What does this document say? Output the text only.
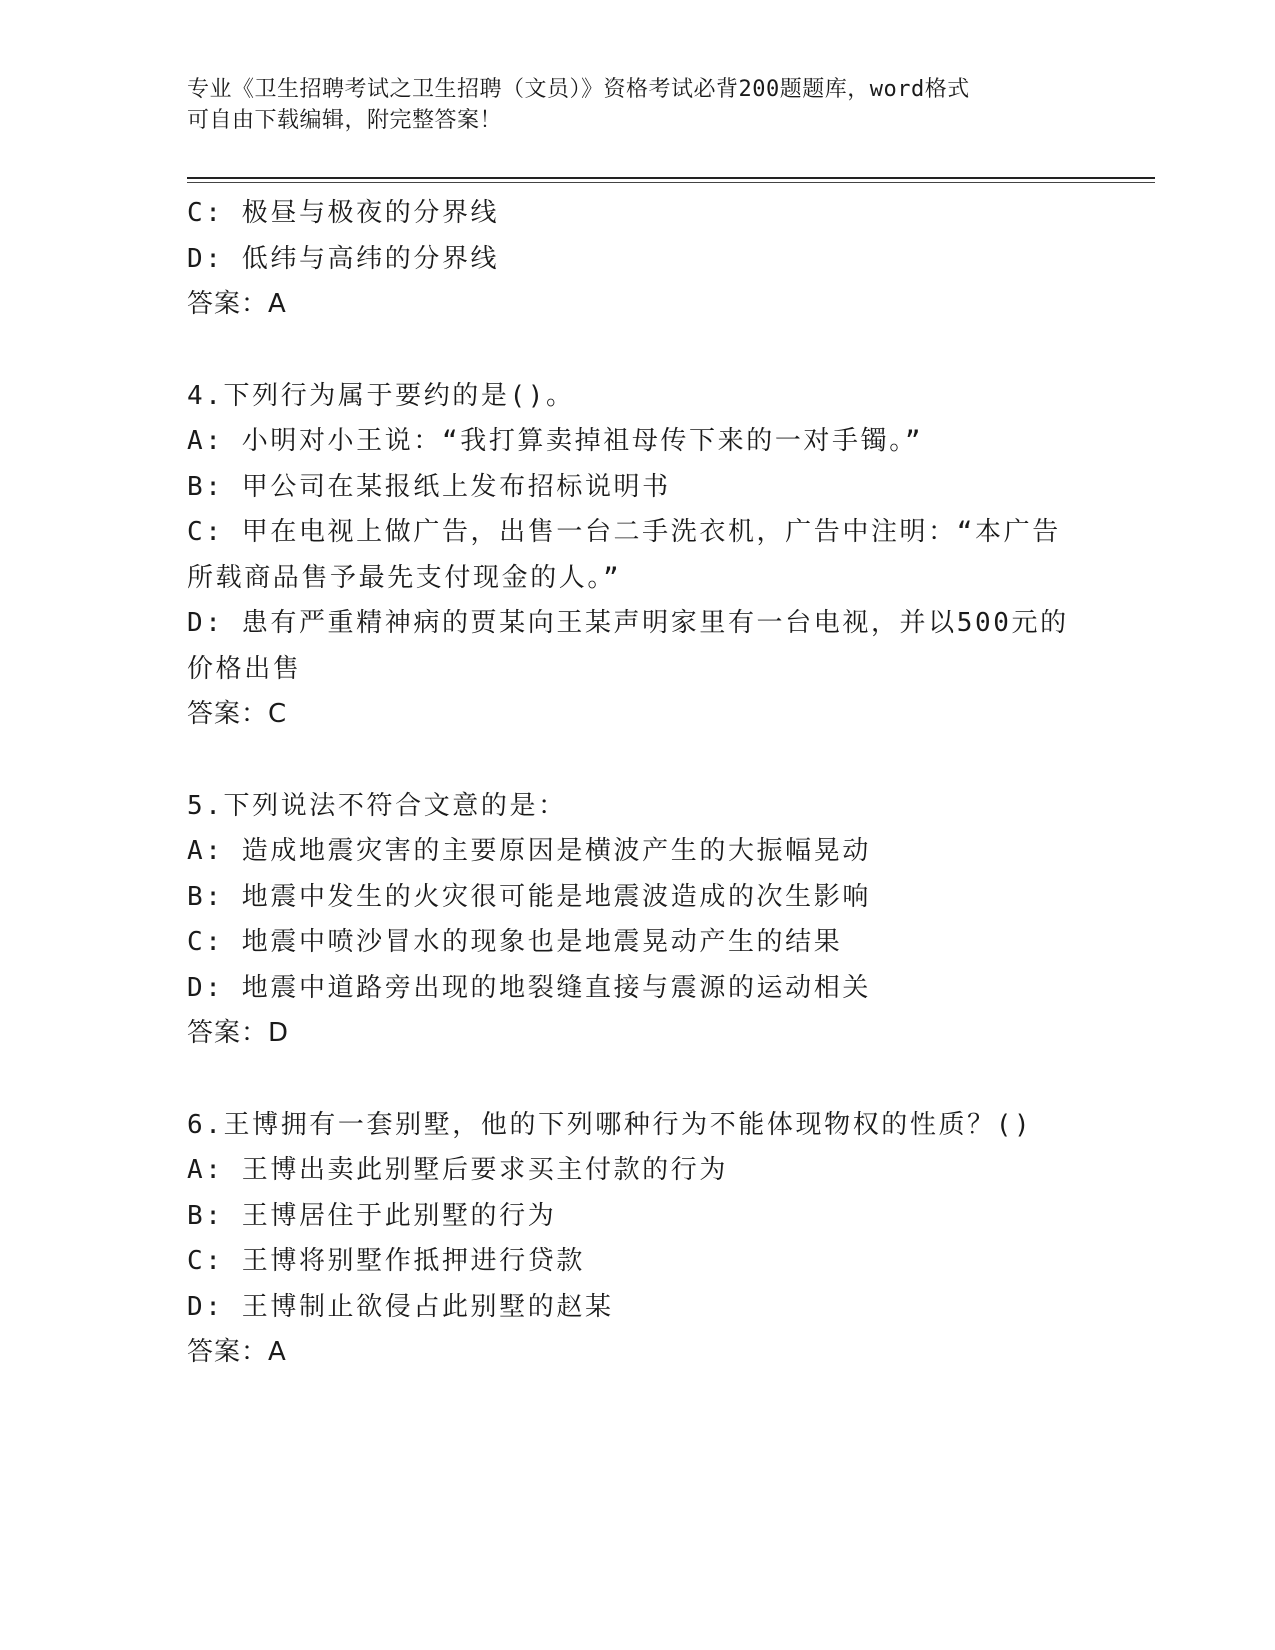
专业《卫生招聘考试之卫生招聘（文员）》资格考试必背200题题库，word格式
可自由下载编辑，附完整答案！
C: 极昼与极夜的分界线
D: 低纬与高纬的分界线
答案：A
4.下列行为属于要约的是()。
A: 小明对小王说：“我打算卖掉祖母传下来的一对手镯。”
B: 甲公司在某报纸上发布招标说明书
C: 甲在电视上做广告，出售一台二手洗衣机，广告中注明：“本广告所载商品售予最先支付现金的人。”
D: 患有严重精神病的贾某向王某声明家里有一台电视，并以500元的价格出售
答案：C
5.下列说法不符合文意的是：
A: 造成地震灾害的主要原因是横波产生的大振幅晃动
B: 地震中发生的火灾很可能是地震波造成的次生影响
C: 地震中喷沙冒水的现象也是地震晃动产生的结果
D: 地震中道路旁出现的地裂缝直接与震源的运动相关
答案：D
6.王博拥有一套别墅，他的下列哪种行为不能体现物权的性质？()
A: 王博出卖此别墅后要求买主付款的行为
B: 王博居住于此别墅的行为
C: 王博将别墅作抵押进行贷款
D: 王博制止欲侵占此别墅的赵某
答案：A
